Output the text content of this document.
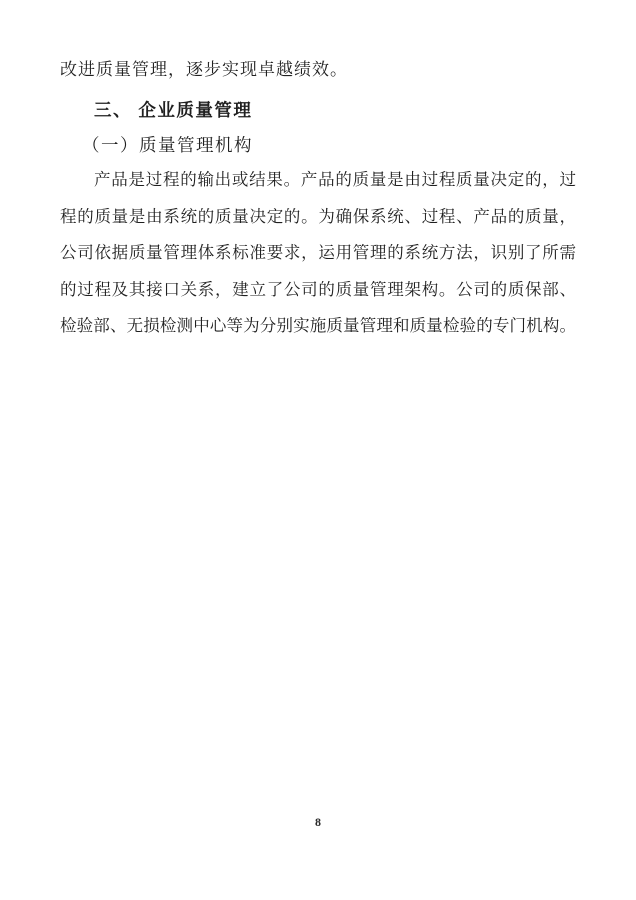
改进质量管理，逐步实现卓越绩效。
三、 企业质量管理
（一）质量管理机构
产品是过程的输出或结果。产品的质量是由过程质量决定的，过
程的质量是由系统的质量决定的。为确保系统、过程、产品的质量，
公司依据质量管理体系标准要求，运用管理的系统方法，识别了所需
的过程及其接口关系，建立了公司的质量管理架构。公司的质保部、
检验部、无损检测中心等为分别实施质量管理和质量检验的专门机构。
8
